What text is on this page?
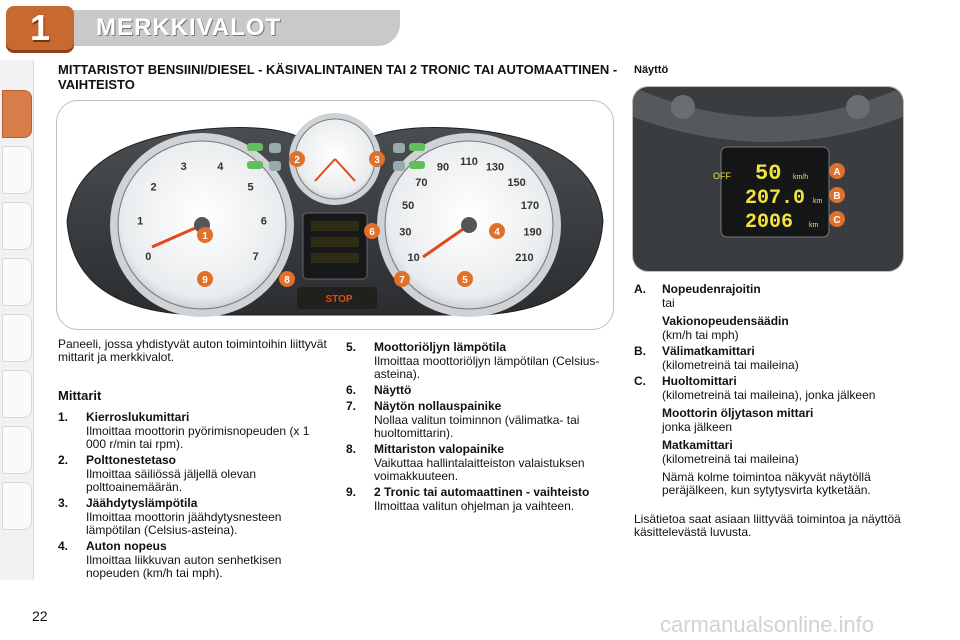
1 MERKKIVALOT
MITTARISTOT BENSIINI/DIESEL - KÄSIVALINTAINEN TAI 2 TRONIC TAI AUTOMAATTINEN -VAIHTEISTO
Näyttö
0
1
2
3	4
5
6
7	10
30
50
70
90 110 130
150
170
190
210
STOP
1
2	3
4
5
6
7
8
9
OFF 50 km/h
207.0 km
2006 km
A
B
C
Paneeli, jossa yhdistyvät auton toimintoihin liittyvät mittarit ja merkkivalot.
Mittarit
1.	Kierroslukumittari
Ilmoittaa moottorin pyörimisnopeuden (x 1 000 r/min tai rpm).
2.	Polttonestetaso
Ilmoittaa säiliössä jäljellä olevan polttoainemäärän.
3.	Jäähdytyslämpötila
Ilmoittaa moottorin jäähdytysnesteen lämpötilan (Celsius-asteina).
4.	Auton nopeus
Ilmoittaa liikkuvan auton senhetkisen nopeuden (km/h tai mph).
5.	Moottoriöljyn lämpötila
Ilmoittaa moottoriöljyn lämpötilan (Celsius-asteina).
6.	Näyttö
7.	Näytön nollauspainike
Nollaa valitun toiminnon (välimatka- tai huoltomittarin).
8.	Mittariston valopainike
Vaikuttaa hallintalaitteiston valaistuksen voimakkuuteen.
9.	2 Tronic tai automaattinen - vaihteisto
Ilmoittaa valitun ohjelman ja vaihteen.
A.	Nopeudenrajoitin
tai
Vakionopeudensäädin
(km/h tai mph)
B.	Välimatkamittari
(kilometreinä tai maileina)
C.	Huoltomittari
(kilometreinä tai maileina), jonka jälkeen
Moottorin öljytason mittari
jonka jälkeen
Matkamittari
(kilometreinä tai maileina)
Nämä kolme toimintoa näkyvät näytöllä peräjälkeen, kun sytytysvirta kytketään.
Lisätietoa saat asiaan liittyvää toimintoa ja näyttöä käsittelevästä luvusta.
22	carmanualsonline.info
